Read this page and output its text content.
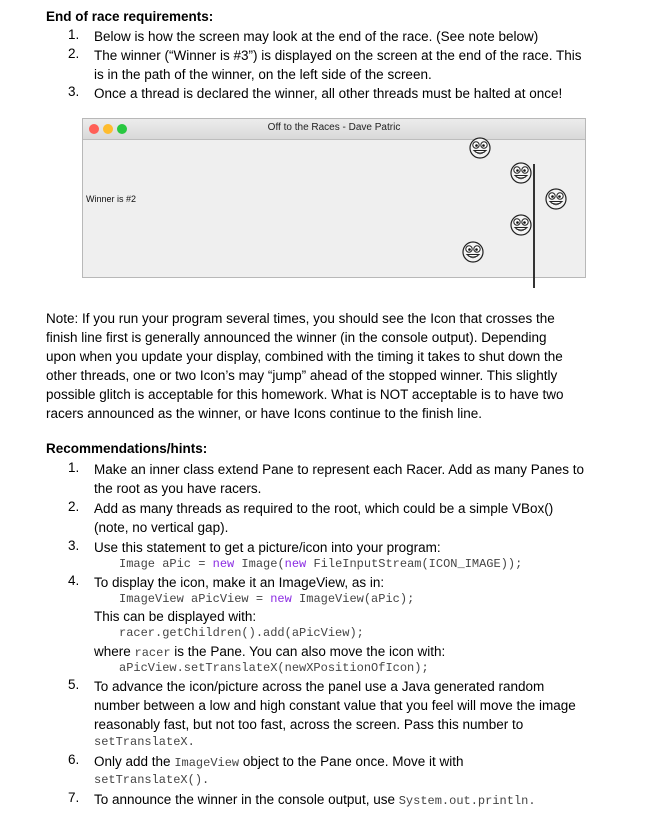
End of race requirements:
1. Below is how the screen may look at the end of the race. (See note below)
2. The winner (“Winner is #3”) is displayed on the screen at the end of the race. This
is in the path of the winner, on the left side of the screen.
3. Once a thread is declared the winner, all other threads must be halted at once!
Off to the Races - Dave Patric
Winner is #2
Note: If you run your program several times, you should see the Icon that crosses the
finish line first is generally announced the winner (in the console output). Depending
upon when you update your display, combined with the timing it takes to shut down the
other threads, one or two Icon’s may “jump” ahead of the stopped winner. This slightly
possible glitch is acceptable for this homework. What is NOT acceptable is to have two
racers announced as the winner, or have Icons continue to the finish line.
Recommendations/hints:
1. Make an inner class extend Pane to represent each Racer. Add as many Panes to
the root as you have racers.
2. Add as many threads as required to the root, which could be a simple VBox()
(note, no vertical gap).
3. Use this statement to get a picture/icon into your program:
Image aPic = new Image(new FileInputStream(ICON_IMAGE));
4. To display the icon, make it an ImageView, as in:
ImageView aPicView = new ImageView(aPic);
This can be displayed with:
racer.getChildren().add(aPicView);
where racer is the Pane. You can also move the icon with:
aPicView.setTranslateX(newXPositionOfIcon);
5. To advance the icon/picture across the panel use a Java generated random
number between a low and high constant value that you feel will move the image
reasonably fast, but not too fast, across the screen. Pass this number to
setTranslateX.
6. Only add the ImageView object to the Pane once. Move it with
setTranslateX().
7. To announce the winner in the console output, use System.out.println.
